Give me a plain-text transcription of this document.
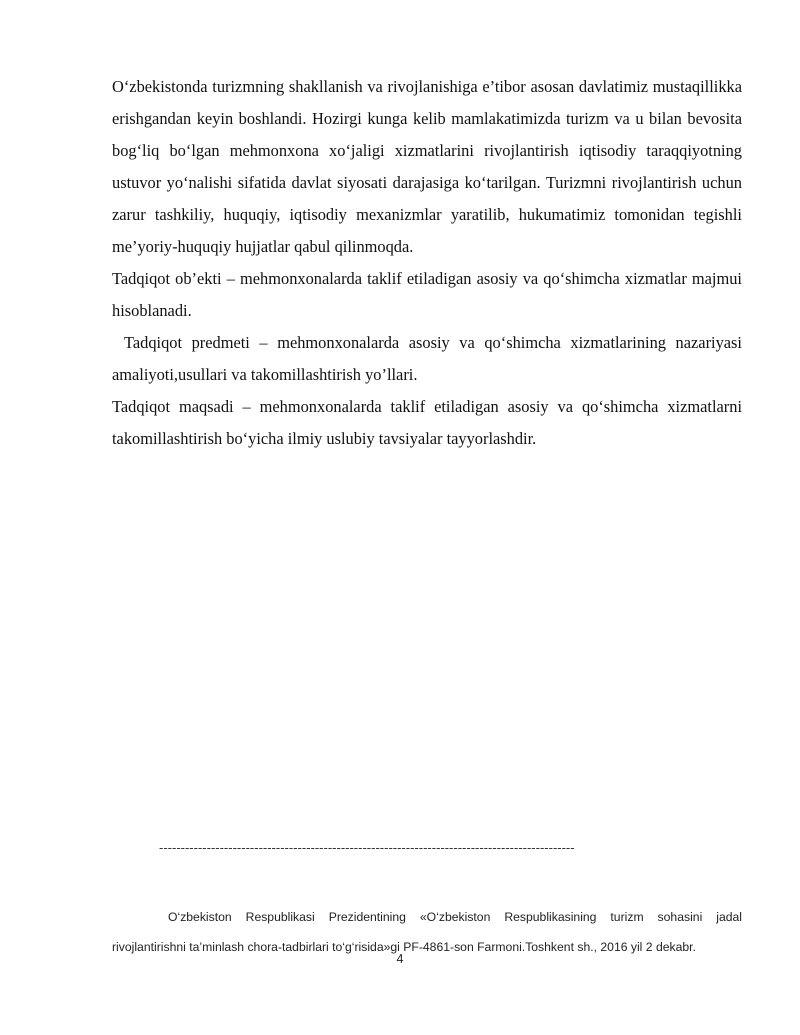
O‘zbekistonda turizmning shakllanish va rivojlanishiga e’tibor asosan davlatimiz mustaqillikka erishgandan keyin boshlandi. Hozirgi kunga kelib mamlakatimizda turizm va u bilan bevosita bog‘liq bo‘lgan mehmonxona xo‘jaligi xizmatlarini rivojlantirish iqtisodiy taraqqiyotning ustuvor yo‘nalishi sifatida davlat siyosati darajasiga ko‘tarilgan. Turizmni rivojlantirish uchun zarur tashkiliy, huquqiy, iqtisodiy mexanizmlar yaratilib, hukumatimiz tomonidan tegishli me’yoriy-huquqiy hujjatlar qabul qilinmoqda.

Tadqiqot ob’ekti – mehmonxonalarda taklif etiladigan asosiy va qo‘shimcha xizmatlar majmui hisoblanadi.

Tadqiqot predmeti – mehmonxonalarda asosiy va qo‘shimcha xizmatlarining nazariyasi amaliyoti,usullari va takomillashtirish yo’llari.

Tadqiqot maqsadi – mehmonxonalarda taklif etiladigan asosiy va qo‘shimcha xizmatlarni takomillashtirish bo‘yicha ilmiy uslubiy tavsiyalar tayyorlashdir.

------------------------------------------------------------------------------------------------

O‘zbekiston Respublikasi Prezidentining «O‘zbekiston Respublikasining turizm sohasini jadal rivojlantirishni ta’minlash chora-tadbirlari to‘g‘risida»gi PF-4861-son Farmoni.Toshkent sh., 2016 yil 2 dekabr.

4
